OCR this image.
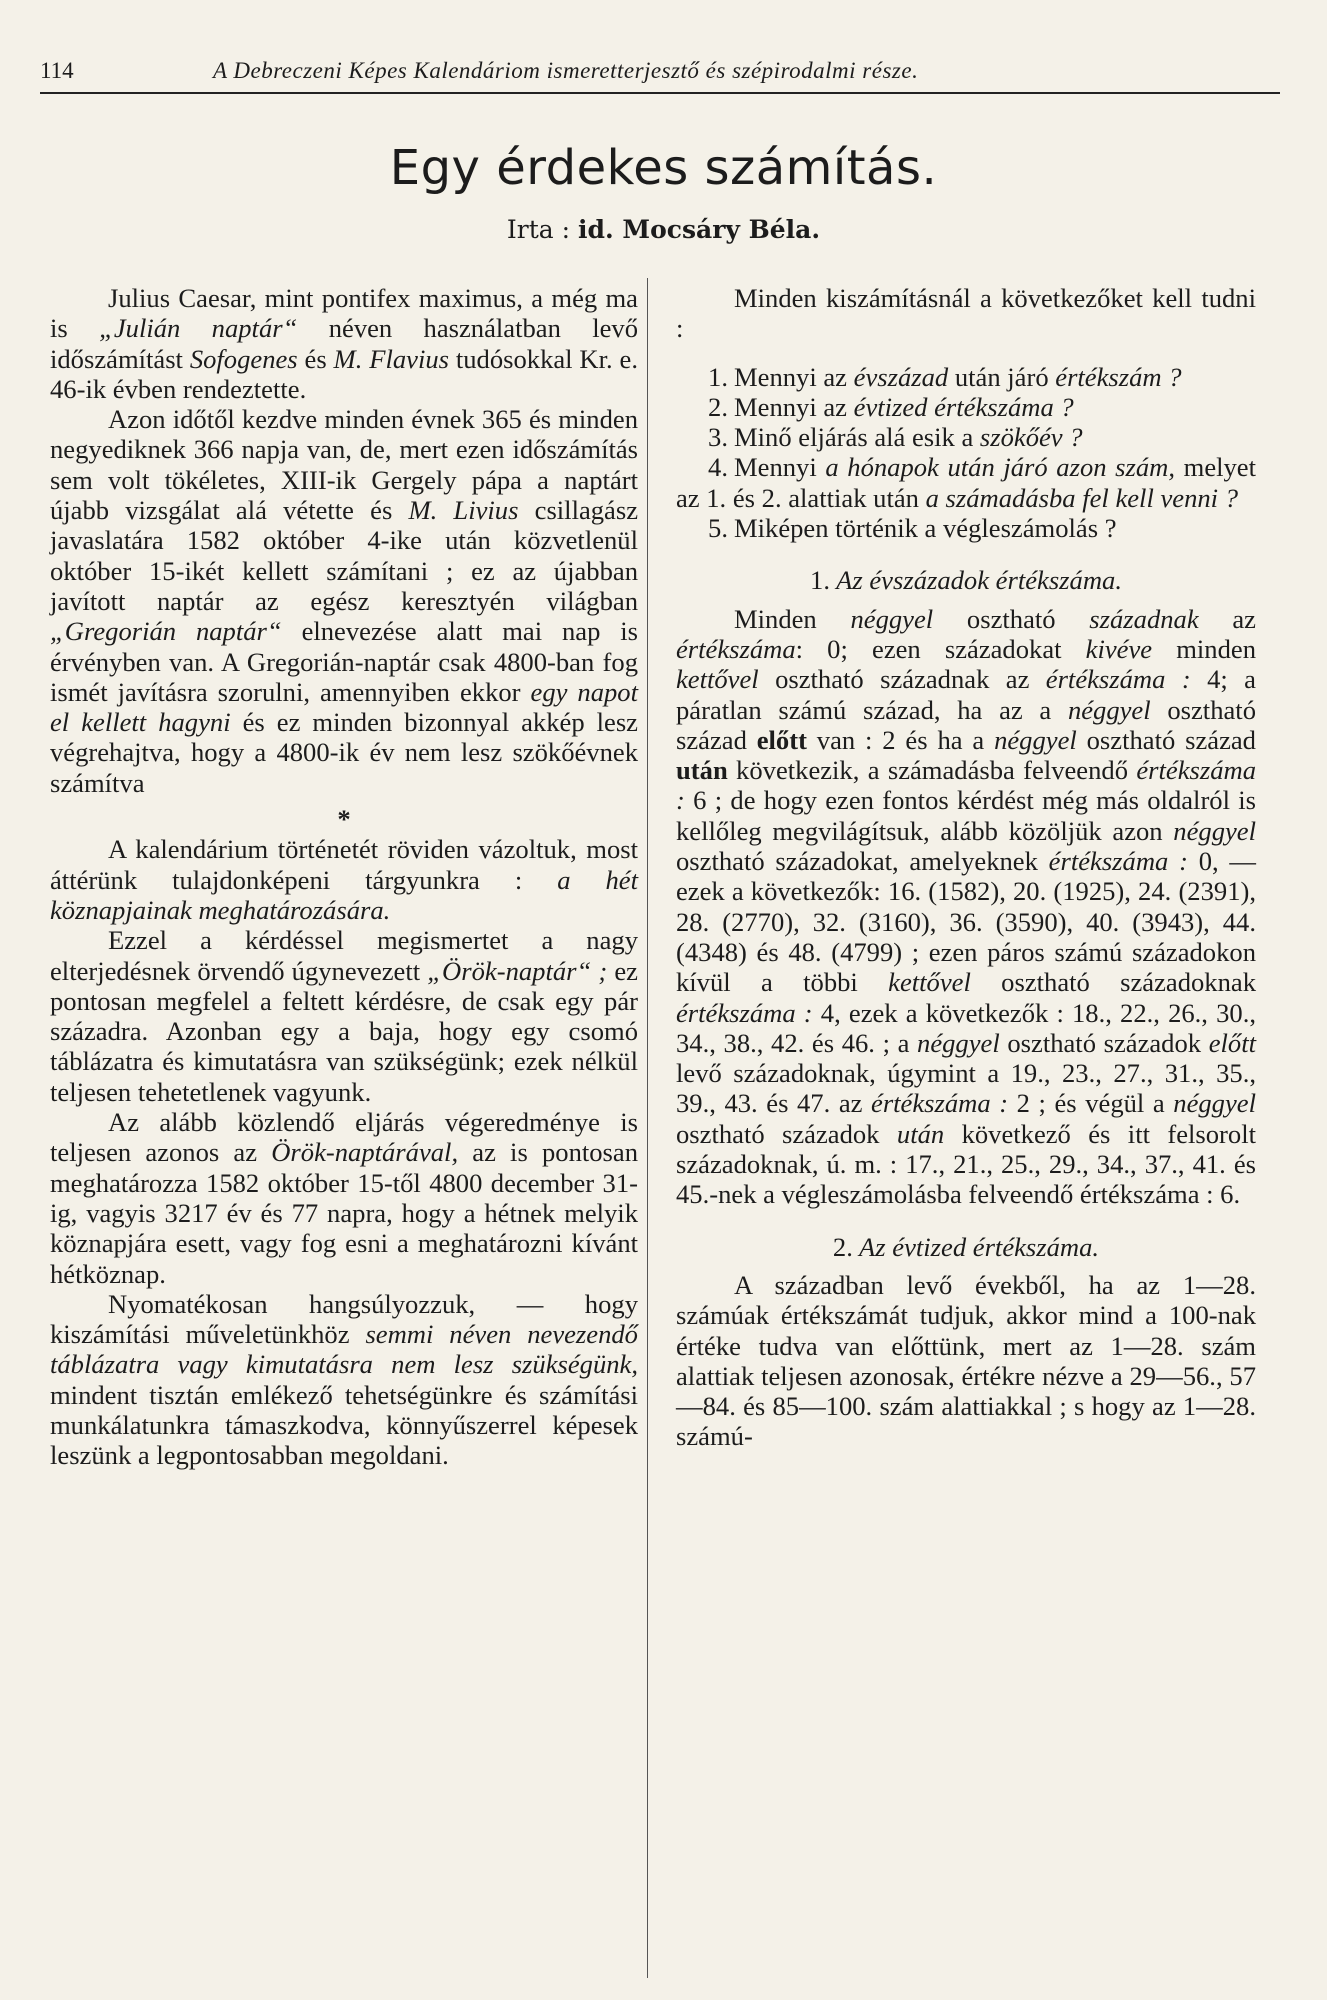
114	A Debreczeni Képes Kalendáriom ismeretterjesztő és szépirodalmi része.
Egy érdekes számítás.
Irta : id. Mocsáry Béla.

Julius Caesar, mint pontifex maximus, a még ma is „Julián naptár“ néven használatban levő időszámítást Sofogenes és M. Flavius tudósokkal Kr. e. 46-ik évben rendeztette.

Azon időtől kezdve minden évnek 365 és minden negyediknek 366 napja van, de, mert ezen időszámítás sem volt tökéletes, XIII-ik Gergely pápa a naptárt újabb vizsgálat alá vétette és M. Livius csillagász javaslatára 1582 október 4-ike után közvetlenül október 15-ikét kellett számítani ; ez az újabban javított naptár az egész keresztyén világban „Gregorián naptár“ elnevezése alatt mai nap is érvényben van. A Gregorián-naptár csak 4800-ban fog ismét javításra szorulni, amennyiben ekkor egy napot el kellett hagyni és ez minden bizonnyal akkép lesz végrehajtva, hogy a 4800-ik év nem lesz szökőévnek számítva

*

A kalendárium történetét röviden vázoltuk, most áttérünk tulajdonképeni tárgyunkra : a hét köznapjainak meghatározására.

Ezzel a kérdéssel megismertet a nagy elterjedésnek örvendő úgynevezett „Örök-naptár“ ; ez pontosan megfelel a feltett kérdésre, de csak egy pár századra. Azonban egy a baja, hogy egy csomó táblázatra és kimutatásra van szükségünk; ezek nélkül teljesen tehetetlenek vagyunk.

Az alább közlendő eljárás végeredménye is teljesen azonos az Örök-naptárával, az is pontosan meghatározza 1582 október 15-től 4800 december 31-ig, vagyis 3217 év és 77 napra, hogy a hétnek melyik köznapjára esett, vagy fog esni a meghatározni kívánt hétköznap.

Nyomatékosan hangsúlyozzuk, — hogy kiszámítási műveletünkhöz semmi néven nevezendő táblázatra vagy kimutatásra nem lesz szükségünk, mindent tisztán emlékező tehetségünkre és számítási munkálatunkra támaszkodva, könnyűszerrel képesek leszünk a legpontosabban megoldani.

Minden kiszámításnál a következőket kell tudni :

1. Mennyi az évszázad után járó értékszám ?

2. Mennyi az évtized értékszáma ?

3. Minő eljárás alá esik a szökőév ?

4. Mennyi a hónapok után járó azon szám, melyet az 1. és 2. alattiak után a számadásba fel kell venni ?

5. Miképen történik a végleszámolás ?

1. Az évszázadok értékszáma.

Minden néggyel osztható századnak az értékszáma: 0; ezen századokat kivéve minden kettővel osztható századnak az értékszáma : 4; a páratlan számú század, ha az a néggyel osztható század előtt van : 2 és ha a néggyel osztható század után következik, a számadásba felveendő értékszáma : 6 ; de hogy ezen fontos kérdést még más oldalról is kellőleg megvilágítsuk, alább közöljük azon néggyel osztható századokat, amelyeknek értékszáma : 0, — ezek a következők: 16. (1582), 20. (1925), 24. (2391), 28. (2770), 32. (3160), 36. (3590), 40. (3943), 44. (4348) és 48. (4799) ; ezen páros számú századokon kívül a többi kettővel osztható századoknak értékszáma : 4, ezek a következők : 18., 22., 26., 30., 34., 38., 42. és 46. ; a néggyel osztható századok előtt levő századoknak, úgymint a 19., 23., 27., 31., 35., 39., 43. és 47. az értékszáma : 2 ; és végül a néggyel osztható századok után következő és itt felsorolt századoknak, ú. m. : 17., 21., 25., 29., 34., 37., 41. és 45.-nek a végleszámolásba felveendő értékszáma : 6.

2. Az évtized értékszáma.

A században levő évekből, ha az 1—28. számúak értékszámát tudjuk, akkor mind a 100-nak értéke tudva van előttünk, mert az 1—28. szám alattiak teljesen azonosak, értékre nézve a 29—56., 57—84. és 85—100. szám alattiakkal ; s hogy az 1—28. számú-
